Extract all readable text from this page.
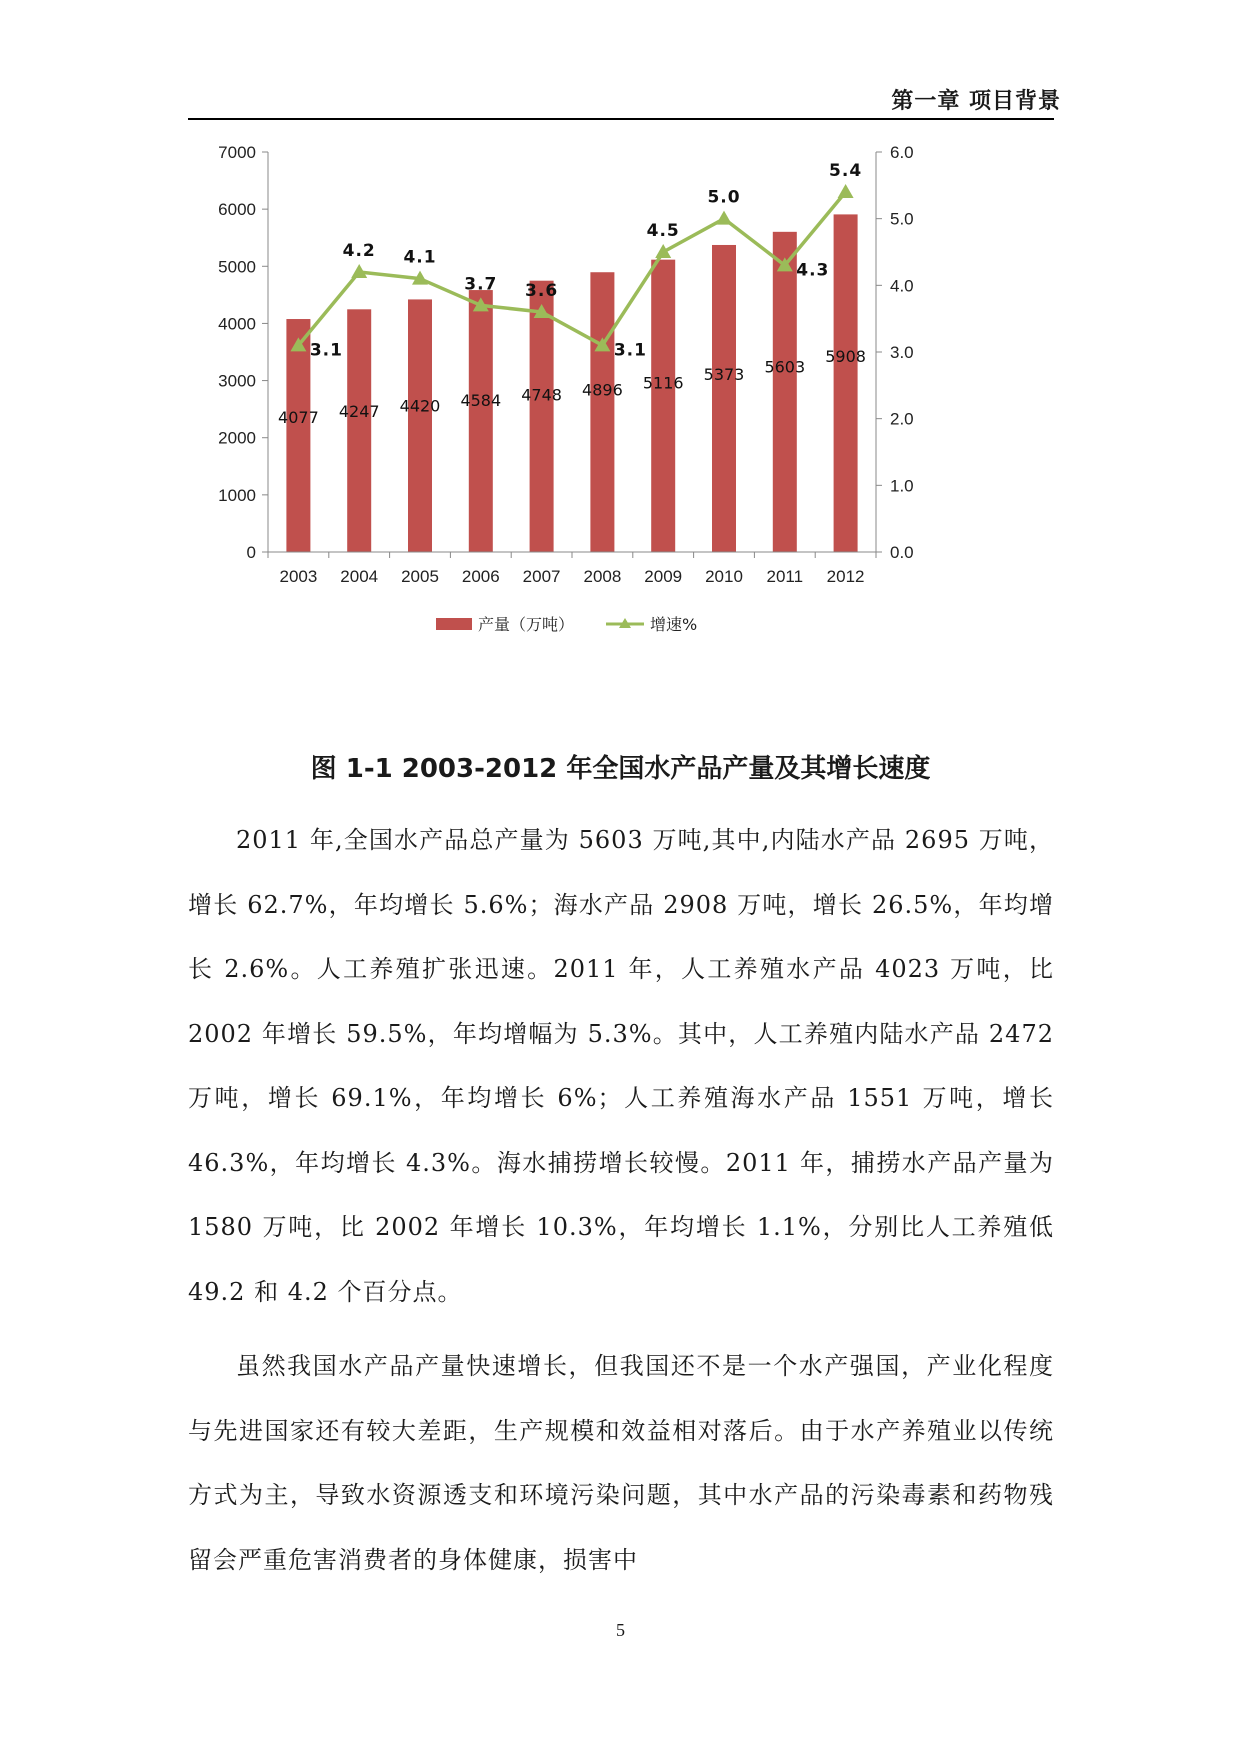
第一章 项目背景
0
1000
2000
3000
4000
5000
6000
7000
0.0
1.0
2.0
3.0
4.0
5.0
6.0
4077 4247 4420 4584 4748 4896 5116 5373 5603
5908
3.1
4.2 4.1
3.7 3.6
3.1
4.5
5.0
4.3
5.4
2003 2004 2005 2006 2007 2008 2009 2010 2011 2012
产量（万吨）	增速%
图 1-1 2003-2012 年全国水产品产量及其增长速度

2011 年,全国水产品总产量为 5603 万吨,其中,内陆水产品 2695 万吨，增长 62.7%，年均增长 5.6%；海水产品 2908 万吨，增长 26.5%，年均增长 2.6%。人工养殖扩张迅速。2011 年，人工养殖水产品 4023 万吨，比 2002 年增长 59.5%，年均增幅为 5.3%。其中，人工养殖内陆水产品 2472 万吨，增长 69.1%，年均增长 6%；人工养殖海水产品 1551 万吨，增长 46.3%，年均增长 4.3%。海水捕捞增长较慢。2011 年，捕捞水产品产量为 1580 万吨，比 2002 年增长 10.3%，年均增长 1.1%，分别比人工养殖低 49.2 和 4.2 个百分点。

虽然我国水产品产量快速增长，但我国还不是一个水产强国，产业化程度与先进国家还有较大差距，生产规模和效益相对落后。由于水产养殖业以传统方式为主，导致水资源透支和环境污染问题，其中水产品的污染毒素和药物残留会严重危害消费者的身体健康，损害中

5
